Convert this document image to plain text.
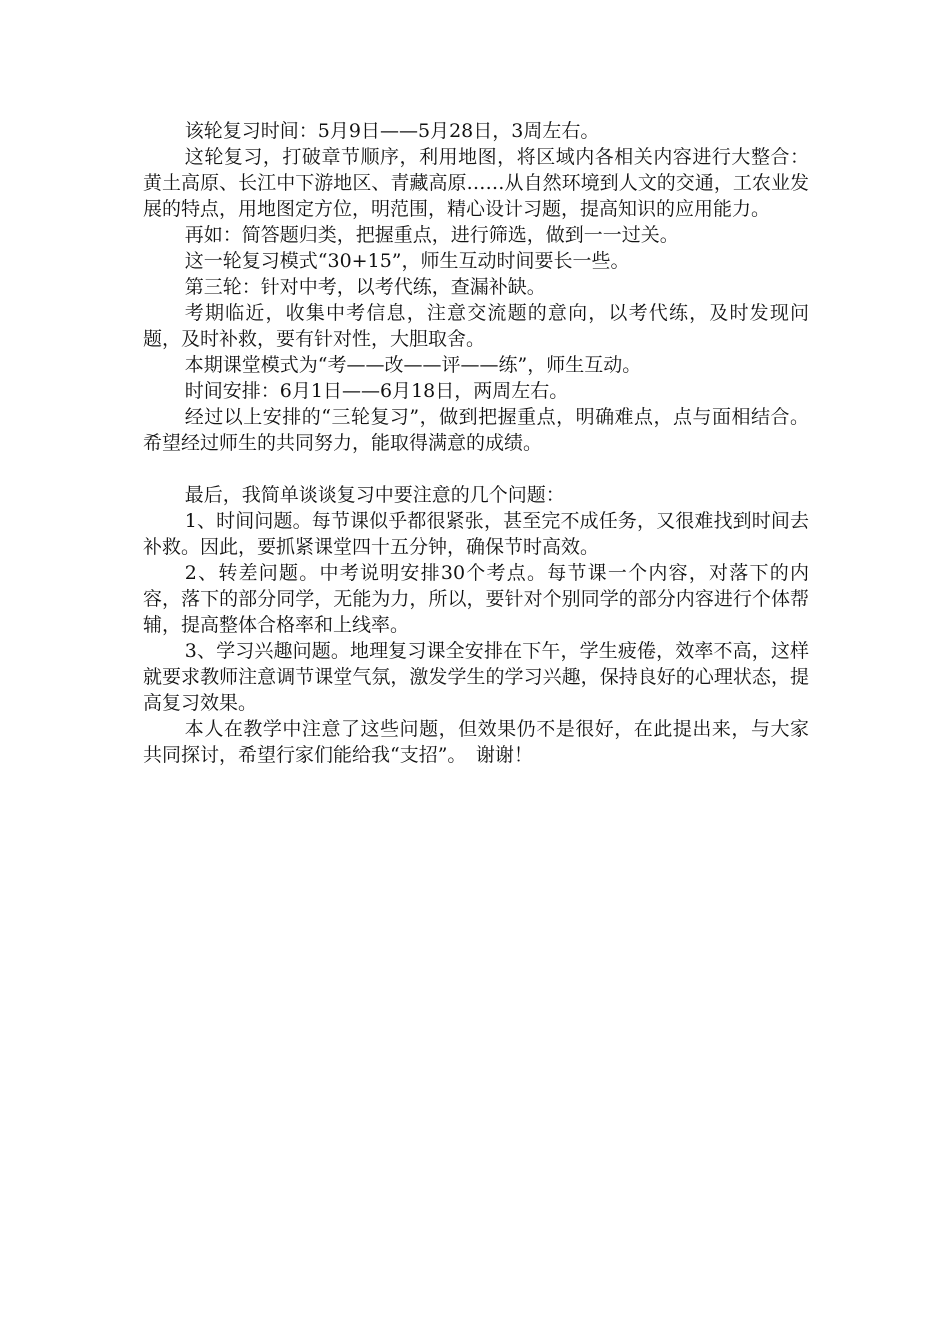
该轮复习时间：5月9日——5月28日，3周左右。

这轮复习，打破章节顺序，利用地图，将区域内各相关内容进行大整合：黄土高原、长江中下游地区、青藏高原……从自然环境到人文的交通，工农业发展的特点，用地图定方位，明范围，精心设计习题，提高知识的应用能力。

再如：简答题归类，把握重点，进行筛选，做到一一过关。

这一轮复习模式“30+15”，师生互动时间要长一些。

第三轮：针对中考，以考代练，查漏补缺。

考期临近，收集中考信息，注意交流题的意向，以考代练，及时发现问题，及时补救，要有针对性，大胆取舍。

本期课堂模式为“考——改——评——练”，师生互动。

时间安排：6月1日——6月18日，两周左右。

经过以上安排的“三轮复习”，做到把握重点，明确难点，点与面相结合。希望经过师生的共同努力，能取得满意的成绩。

最后，我简单谈谈复习中要注意的几个问题：

1、时间问题。每节课似乎都很紧张，甚至完不成任务，又很难找到时间去补救。因此，要抓紧课堂四十五分钟，确保节时高效。

2、转差问题。中考说明安排30个考点。每节课一个内容，对落下的内容，落下的部分同学，无能为力，所以，要针对个别同学的部分内容进行个体帮辅，提高整体合格率和上线率。

3、学习兴趣问题。地理复习课全安排在下午，学生疲倦，效率不高，这样就要求教师注意调节课堂气氛，激发学生的学习兴趣，保持良好的心理状态，提高复习效果。

本人在教学中注意了这些问题，但效果仍不是很好，在此提出来，与大家共同探讨，希望行家们能给我“支招”。　谢谢！
